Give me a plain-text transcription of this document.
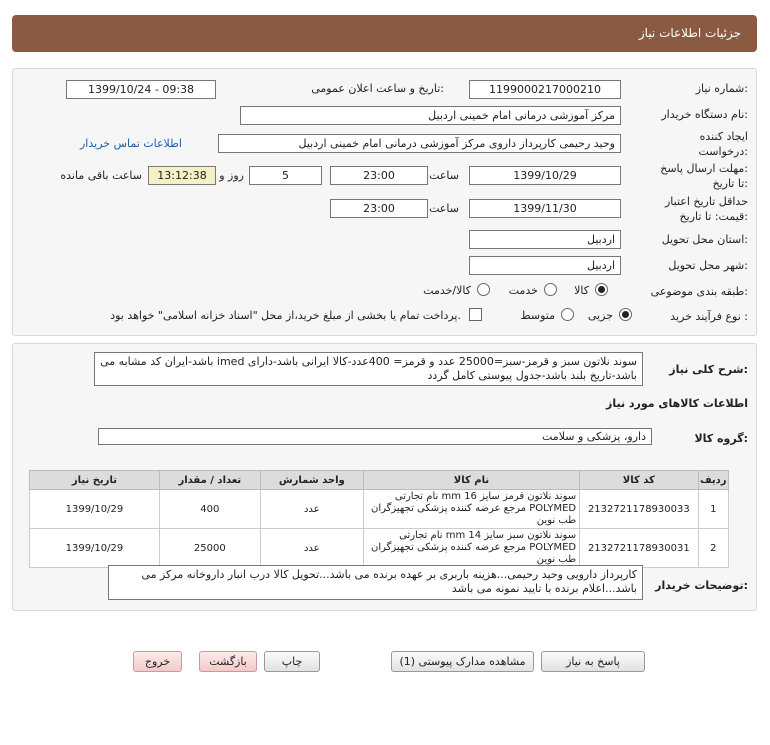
جزئیات اطلاعات نیاز
شماره نیاز:
1199000217000210
تاریخ و ساعت اعلان عمومی:
1399/10/24 - 09:38
نام دستگاه خریدار:
مرکز آموزشی درمانی امام خمینی اردبیل
ایجاد کننده
درخواست:
وحید رحیمی کارپرداز داروی مرکز آموزشی درمانی امام خمینی اردبیل
اطلاعات تماس خریدار
مهلت ارسال پاسخ:
تا تاریخ:
1399/10/29
ساعت
23:00
5
روز و
13:12:38
ساعت باقی مانده
حداقل تاریخ اعتبار
قیمت: تا تاریخ:
1399/11/30
ساعت
23:00
استان محل تحویل:
اردبیل
شهر محل تحویل:
اردبیل
طبقه بندی موضوعی:
کالا
خدمت
کالا/خدمت
نوع فرآیند خرید :
جزیی
متوسط
پرداخت تمام یا بخشی از مبلغ خرید،از محل "اسناد خزانه اسلامی" خواهد بود.
شرح کلی نیاز:
سوند نلاتون سبز و قرمز-سبز=25000 عدد و قرمز= 400عدد-کالا ایرانی باشد-دارای imed باشد-ایران کد مشابه می باشد-تاریخ بلند باشد-جدول پیوستی کامل گردد
اطلاعات کالاهای مورد نیاز
گروه کالا:
دارو، پزشکی و سلامت
ردیف	کد کالا	نام کالا	واحد شمارش	تعداد / مقدار	تاریخ نیاز
1	2132721178930033	سوند نلاتون قرمز سایز mm 16 نام تجارتی POLYMED مرجع عرضه کننده پزشکی تجهیزگران طب نوین	عدد	400	1399/10/29
2	2132721178930031	سوند نلاتون سبز سایز mm 14 نام تجارتی POLYMED مرجع عرضه کننده پزشکی تجهیزگران طب نوین	عدد	25000	1399/10/29
توضیحات خریدار:
کارپرداز دارویی وحید رحیمی...هزینه باربری بر عهده برنده می باشد...تحویل کالا درب انبار داروخانه مرکز می باشد...اعلام برنده با تایید نمونه می باشد
پاسخ به نیاز
مشاهده مدارک پیوستی (1)
چاپ
بازگشت
خروج
